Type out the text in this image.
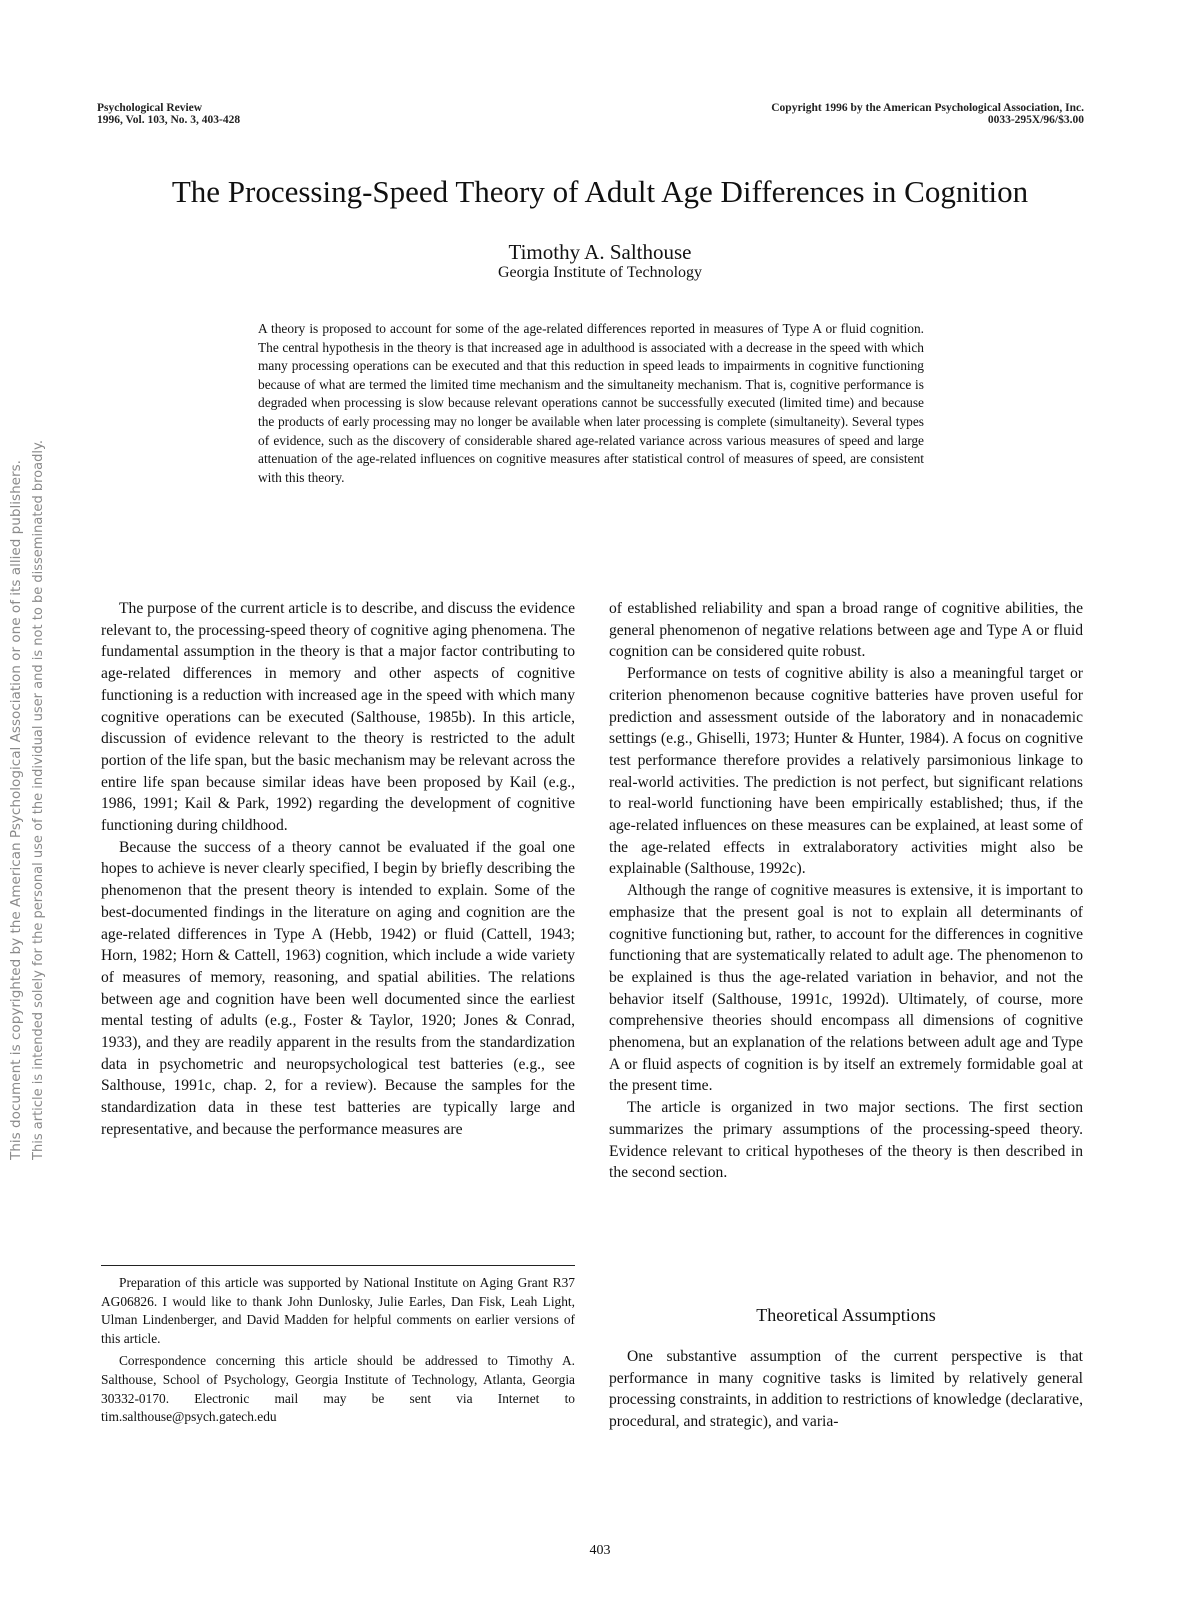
Psychological Review
1996, Vol. 103, No. 3, 403-428
Copyright 1996 by the American Psychological Association, Inc.
0033-295X/96/$3.00
The Processing-Speed Theory of Adult Age Differences in Cognition
Timothy A. Salthouse
Georgia Institute of Technology
A theory is proposed to account for some of the age-related differences reported in measures of Type A or fluid cognition. The central hypothesis in the theory is that increased age in adulthood is associated with a decrease in the speed with which many processing operations can be executed and that this reduction in speed leads to impairments in cognitive functioning because of what are termed the limited time mechanism and the simultaneity mechanism. That is, cognitive performance is degraded when processing is slow because relevant operations cannot be successfully executed (limited time) and because the products of early processing may no longer be available when later processing is complete (simultaneity). Several types of evidence, such as the discovery of considerable shared age-related variance across various measures of speed and large attenuation of the age-related influences on cognitive measures after statistical control of measures of speed, are consistent with this theory.
This document is copyrighted by the American Psychological Association or one of its allied publishers. This article is intended solely for the personal use of the individual user and is not to be disseminated broadly.	The purpose of the current article is to describe, and discuss the evidence relevant to, the processing-speed theory of cognitive aging phenomena. The fundamental assumption in the theory is that a major factor contributing to age-related differences in memory and other aspects of cognitive functioning is a reduction with increased age in the speed with which many cognitive operations can be executed (Salthouse, 1985b). In this article, discussion of evidence relevant to the theory is restricted to the adult portion of the life span, but the basic mechanism may be relevant across the entire life span because similar ideas have been proposed by Kail (e.g., 1986, 1991; Kail & Park, 1992) regarding the development of cognitive functioning during childhood.

Because the success of a theory cannot be evaluated if the goal one hopes to achieve is never clearly specified, I begin by briefly describing the phenomenon that the present theory is intended to explain. Some of the best-documented findings in the literature on aging and cognition are the age-related differences in Type A (Hebb, 1942) or fluid (Cattell, 1943; Horn, 1982; Horn & Cattell, 1963) cognition, which include a wide variety of measures of memory, reasoning, and spatial abilities. The relations between age and cognition have been well documented since the earliest mental testing of adults (e.g., Foster & Taylor, 1920; Jones & Conrad, 1933), and they are readily apparent in the results from the standardization data in psychometric and neuropsychological test batteries (e.g., see Salthouse, 1991c, chap. 2, for a review). Because the samples for the standardization data in these test batteries are typically large and representative, and because the performance measures are

Preparation of this article was supported by National Institute on Aging Grant R37 AG06826. I would like to thank John Dunlosky, Julie Earles, Dan Fisk, Leah Light, Ulman Lindenberger, and David Madden for helpful comments on earlier versions of this article.

Correspondence concerning this article should be addressed to Timothy A. Salthouse, School of Psychology, Georgia Institute of Technology, Atlanta, Georgia 30332-0170. Electronic mail may be sent via Internet to tim.salthouse@psych.gatech.edu

of established reliability and span a broad range of cognitive abilities, the general phenomenon of negative relations between age and Type A or fluid cognition can be considered quite robust.

Performance on tests of cognitive ability is also a meaningful target or criterion phenomenon because cognitive batteries have proven useful for prediction and assessment outside of the laboratory and in nonacademic settings (e.g., Ghiselli, 1973; Hunter & Hunter, 1984). A focus on cognitive test performance therefore provides a relatively parsimonious linkage to real-world activities. The prediction is not perfect, but significant relations to real-world functioning have been empirically established; thus, if the age-related influences on these measures can be explained, at least some of the age-related effects in extralaboratory activities might also be explainable (Salthouse, 1992c).

Although the range of cognitive measures is extensive, it is important to emphasize that the present goal is not to explain all determinants of cognitive functioning but, rather, to account for the differences in cognitive functioning that are systematically related to adult age. The phenomenon to be explained is thus the age-related variation in behavior, and not the behavior itself (Salthouse, 1991c, 1992d). Ultimately, of course, more comprehensive theories should encompass all dimensions of cognitive phenomena, but an explanation of the relations between adult age and Type A or fluid aspects of cognition is by itself an extremely formidable goal at the present time.

The article is organized in two major sections. The first section summarizes the primary assumptions of the processing-speed theory. Evidence relevant to critical hypotheses of the theory is then described in the second section.

Theoretical Assumptions

One substantive assumption of the current perspective is that performance in many cognitive tasks is limited by relatively general processing constraints, in addition to restrictions of knowledge (declarative, procedural, and strategic), and varia-

403
